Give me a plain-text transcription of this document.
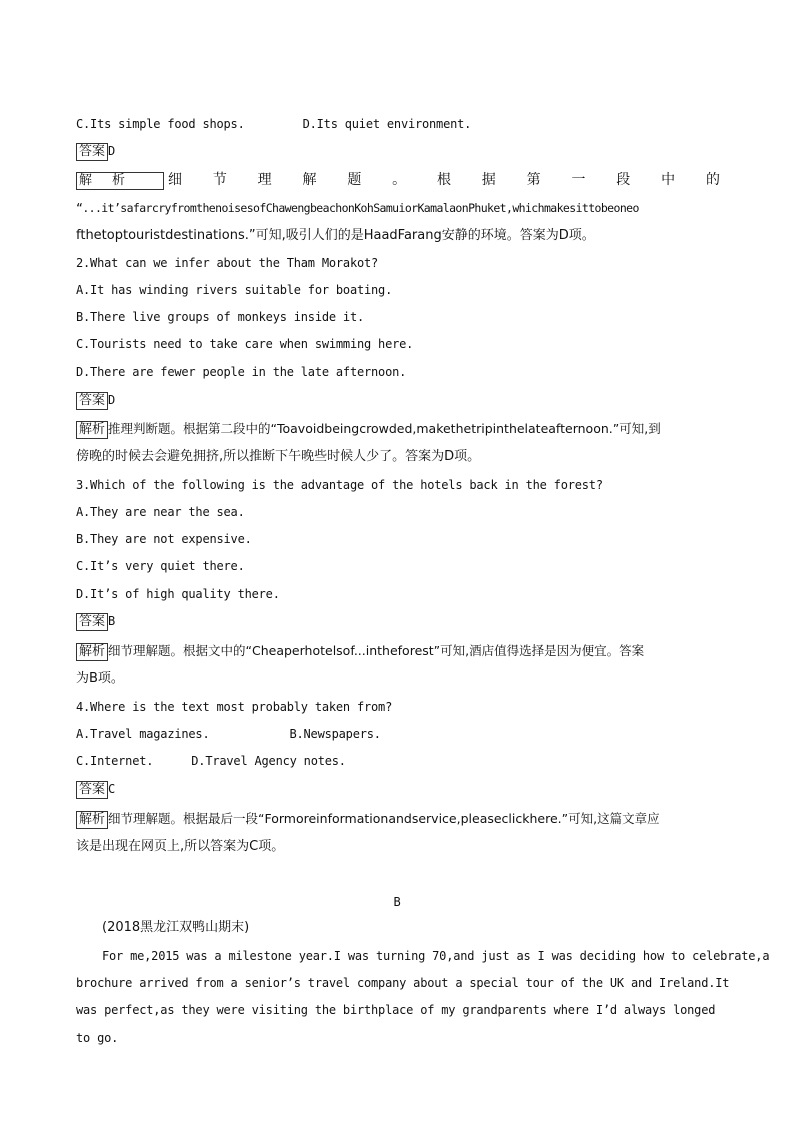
C.Its simple food shops.	D.Its quiet environment.
答案 D
解析	细 节 理 解 题 。 根 据 第 一 段 中 的
“...it’safarcryfromthenoisesofChawengbeachonKohSamuiorKamalaonPhuket,whichmakesittobeoneo
fthetoptouristdestinations.”可知,吸引人们的是HaadFarang安静的环境。答案为D项。
2.What can we infer about the Tham Morakot?
A.It has winding rivers suitable for boating.
B.There live groups of monkeys inside it.
C.Tourists need to take care when swimming here.
D.There are fewer people in the late afternoon.
答案 D
解析 推理判断题。根据第二段中的“Toavoidbeingcrowded,makethetripinthelateafternoon.”可知,到
傍晚的时候去会避免拥挤,所以推断下午晚些时候人少了。答案为D项。
3.Which of the following is the advantage of the hotels back in the forest?
A.They are near the sea.
B.They are not expensive.
C.It’s very quiet there.
D.It’s of high quality there.
答案 B
解析 细节理解题。根据文中的“Cheaperhotelsof...intheforest”可知,酒店值得选择是因为便宜。答案
为B项。
4.Where is the text most probably taken from?
A.Travel magazines.	B.Newspapers.
C.Internet.	D.Travel Agency notes.
答案 C
解析 细节理解题。根据最后一段“Formoreinformationandservice,pleaseclickhere.”可知,这篇文章应
该是出现在网页上,所以答案为C项。
B
(2018黑龙江双鸭山期末)
For me,2015 was a milestone year.I was turning 70,and just as I was deciding how to celebrate,a
brochure arrived from a senior’s travel company about a special tour of the UK and Ireland.It
was perfect,as they were visiting the birthplace of my grandparents where I’d always longed
to go.
